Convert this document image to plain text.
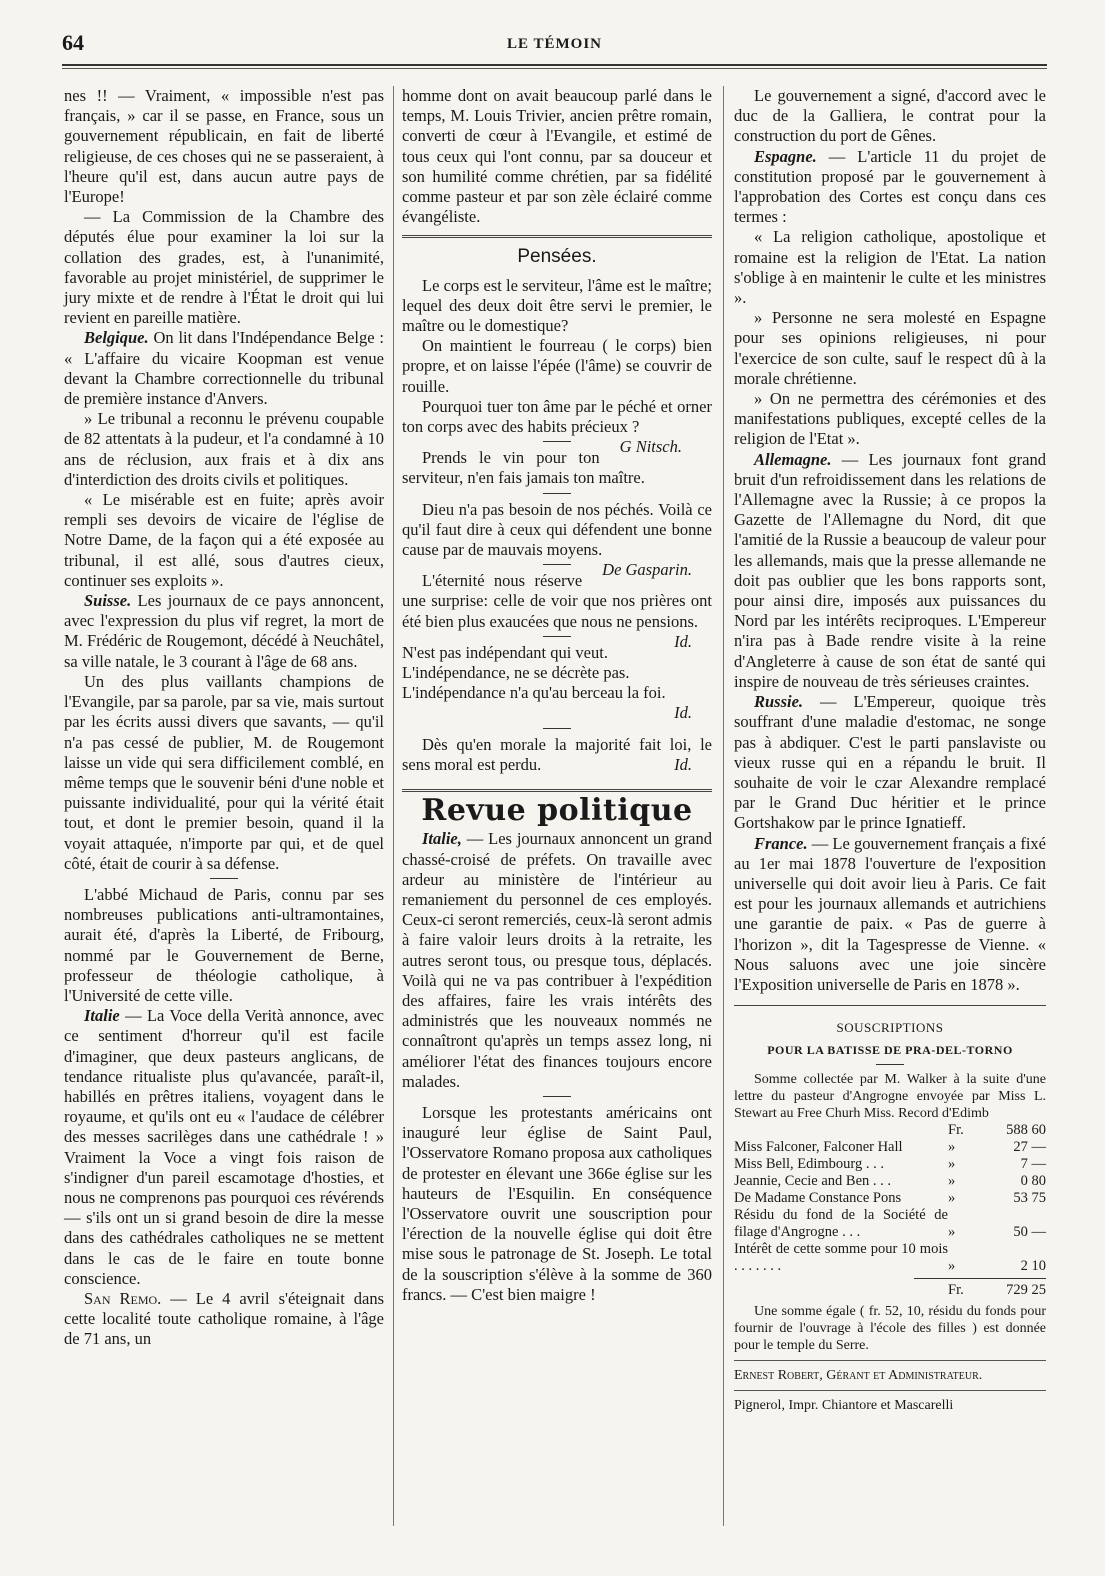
64	LE TÉMOIN

nes !! — Vraiment, « impossible n'est pas français, » car il se passe, en France, sous un gouvernement républicain, en fait de liberté religieuse, de ces choses qui ne se passeraient, à l'heure qu'il est, dans aucun autre pays de l'Europe!

— La Commission de la Chambre des députés élue pour examiner la loi sur la collation des grades, est, à l'unanimité, favorable au projet ministériel, de supprimer le jury mixte et de rendre à l'État le droit qui lui revient en pareille matière.

Belgique. On lit dans l'Indépendance Belge : « L'affaire du vicaire Koopman est venue devant la Chambre correctionnelle du tribunal de première instance d'Anvers.

» Le tribunal a reconnu le prévenu coupable de 82 attentats à la pudeur, et l'a condamné à 10 ans de réclusion, aux frais et à dix ans d'interdiction des droits civils et politiques.

« Le misérable est en fuite; après avoir rempli ses devoirs de vicaire de l'église de Notre Dame, de la façon qui a été exposée au tribunal, il est allé, sous d'autres cieux, continuer ses exploits ».

Suisse. Les journaux de ce pays annoncent, avec l'expression du plus vif regret, la mort de M. Frédéric de Rougemont, décédé à Neuchâtel, sa ville natale, le 3 courant à l'âge de 68 ans.

Un des plus vaillants champions de l'Evangile, par sa parole, par sa vie, mais surtout par les écrits aussi divers que savants, — qu'il n'a pas cessé de publier, M. de Rougemont laisse un vide qui sera difficilement comblé, en même temps que le souvenir béni d'une noble et puissante individualité, pour qui la vérité était tout, et dont le premier besoin, quand il la voyait attaquée, n'importe par qui, et de quel côté, était de courir à sa défense.

L'abbé Michaud de Paris, connu par ses nombreuses publications anti-ultramontaines, aurait été, d'après la Liberté, de Fribourg, nommé par le Gouvernement de Berne, professeur de théologie catholique, à l'Université de cette ville.

Italie — La Voce della Verità annonce, avec ce sentiment d'horreur qu'il est facile d'imaginer, que deux pasteurs anglicans, de tendance ritualiste plus qu'avancée, paraît-il, habillés en prêtres italiens, voyagent dans le royaume, et qu'ils ont eu « l'audace de célébrer des messes sacrilèges dans une cathédrale ! » Vraiment la Voce a vingt fois raison de s'indigner d'un pareil escamotage d'hosties, et nous ne comprenons pas pourquoi ces révérends — s'ils ont un si grand besoin de dire la messe dans des cathédrales catholiques ne se mettent dans le cas de le faire en toute bonne conscience.

San Remo. — Le 4 avril s'éteignait dans cette localité toute catholique romaine, à l'âge de 71 ans, un

homme dont on avait beaucoup parlé dans le temps, M. Louis Trivier, ancien prêtre romain, converti de cœur à l'Evangile, et estimé de tous ceux qui l'ont connu, par sa douceur et son humilité comme chrétien, par sa fidélité comme pasteur et par son zèle éclairé comme évangéliste.

Pensées.

Le corps est le serviteur, l'âme est le maître; lequel des deux doit être servi le premier, le maître ou le domestique?

On maintient le fourreau ( le corps) bien propre, et on laisse l'épée (l'âme) se couvrir de rouille.

Pourquoi tuer ton âme par le péché et orner ton corps avec des habits précieux ?
G Nitsch.

Prends le vin pour ton serviteur, n'en fais jamais ton maître.

Dieu n'a pas besoin de nos péchés. Voilà ce qu'il faut dire à ceux qui défendent une bonne cause par de mauvais moyens.
De Gasparin.

L'éternité nous réserve une surprise: celle de voir que nos prières ont été bien plus exaucées que nous ne pensions.
Id.

N'est pas indépendant qui veut.

L'indépendance, ne se décrète pas.

L'indépendance n'a qu'au berceau la foi.

Id.

Dès qu'en morale la majorité fait loi, le sens moral est perdu.	Id.

Revue politique

Italie, — Les journaux annoncent un grand chassé-croisé de préfets. On travaille avec ardeur au ministère de l'intérieur au remaniement du personnel de ces employés. Ceux-ci seront remerciés, ceux-là seront admis à faire valoir leurs droits à la retraite, les autres seront tous, ou presque tous, déplacés. Voilà qui ne va pas contribuer à l'expédition des affaires, faire les vrais intérêts des administrés que les nouveaux nommés ne connaîtront qu'après un temps assez long, ni améliorer l'état des finances toujours encore malades.

Lorsque les protestants américains ont inauguré leur église de Saint Paul, l'Osservatore Romano proposa aux catholiques de protester en élevant une 366e église sur les hauteurs de l'Esquilin. En conséquence l'Osservatore ouvrit une souscription pour l'érection de la nouvelle église qui doit être mise sous le patronage de St. Joseph. Le total de la souscription s'élève à la somme de 360 francs. — C'est bien maigre !

Le gouvernement a signé, d'accord avec le duc de la Galliera, le contrat pour la construction du port de Gênes.

Espagne. — L'article 11 du projet de constitution proposé par le gouvernement à l'approbation des Cortes est conçu dans ces termes :

« La religion catholique, apostolique et romaine est la religion de l'Etat. La nation s'oblige à en maintenir le culte et les ministres ».

» Personne ne sera molesté en Espagne pour ses opinions religieuses, ni pour l'exercice de son culte, sauf le respect dû à la morale chrétienne.

» On ne permettra des cérémonies et des manifestations publiques, excepté celles de la religion de l'Etat ».

Allemagne. — Les journaux font grand bruit d'un refroidissement dans les relations de l'Allemagne avec la Russie; à ce propos la Gazette de l'Allemagne du Nord, dit que l'amitié de la Russie a beaucoup de valeur pour les allemands, mais que la presse allemande ne doit pas oublier que les bons rapports sont, pour ainsi dire, imposés aux puissances du Nord par les intérêts reciproques. L'Empereur n'ira pas à Bade rendre visite à la reine d'Angleterre à cause de son état de santé qui inspire de nouveau de très sérieuses craintes.

Russie. — L'Empereur, quoique très souffrant d'une maladie d'estomac, ne songe pas à abdiquer. C'est le parti panslaviste ou vieux russe qui en a répandu le bruit. Il souhaite de voir le czar Alexandre remplacé par le Grand Duc héritier et le prince Gortshakow par le prince Ignatieff.

France. — Le gouvernement français a fixé au 1er mai 1878 l'ouverture de l'exposition universelle qui doit avoir lieu à Paris. Ce fait est pour les journaux allemands et autrichiens une garantie de paix. « Pas de guerre à l'horizon », dit la Tagespresse de Vienne. « Nous saluons avec une joie sincère l'Exposition universelle de Paris en 1878 ».

SOUSCRIPTIONS
POUR LA BATISSE DE PRA-DEL-TORNO

Somme collectée par M. Walker à la suite d'une lettre du pasteur d'Angrogne envoyée par Miss L. Stewart au Free Churh Miss. Record d'Edimb

	Fr.	588 60
Miss Falconer, Falconer Hall	»	27 —
Miss Bell, Edimbourg . . .	»	7 —
Jeannie, Cecie and Ben . . .	»	0 80
De Madame Constance Pons	»	53 75
Résidu du fond de la Société de filage d'Angrogne . . .	»	50 —
Intérêt de cette somme pour 10 mois . . . . . . .	»	2 10
	Fr.	729 25

Une somme égale ( fr. 52, 10, résidu du fonds pour fournir de l'ouvrage à l'école des filles ) est donnée pour le temple du Serre.

Ernest Robert, Gérant et Administrateur.
Pignerol, Impr. Chiantore et Mascarelli
